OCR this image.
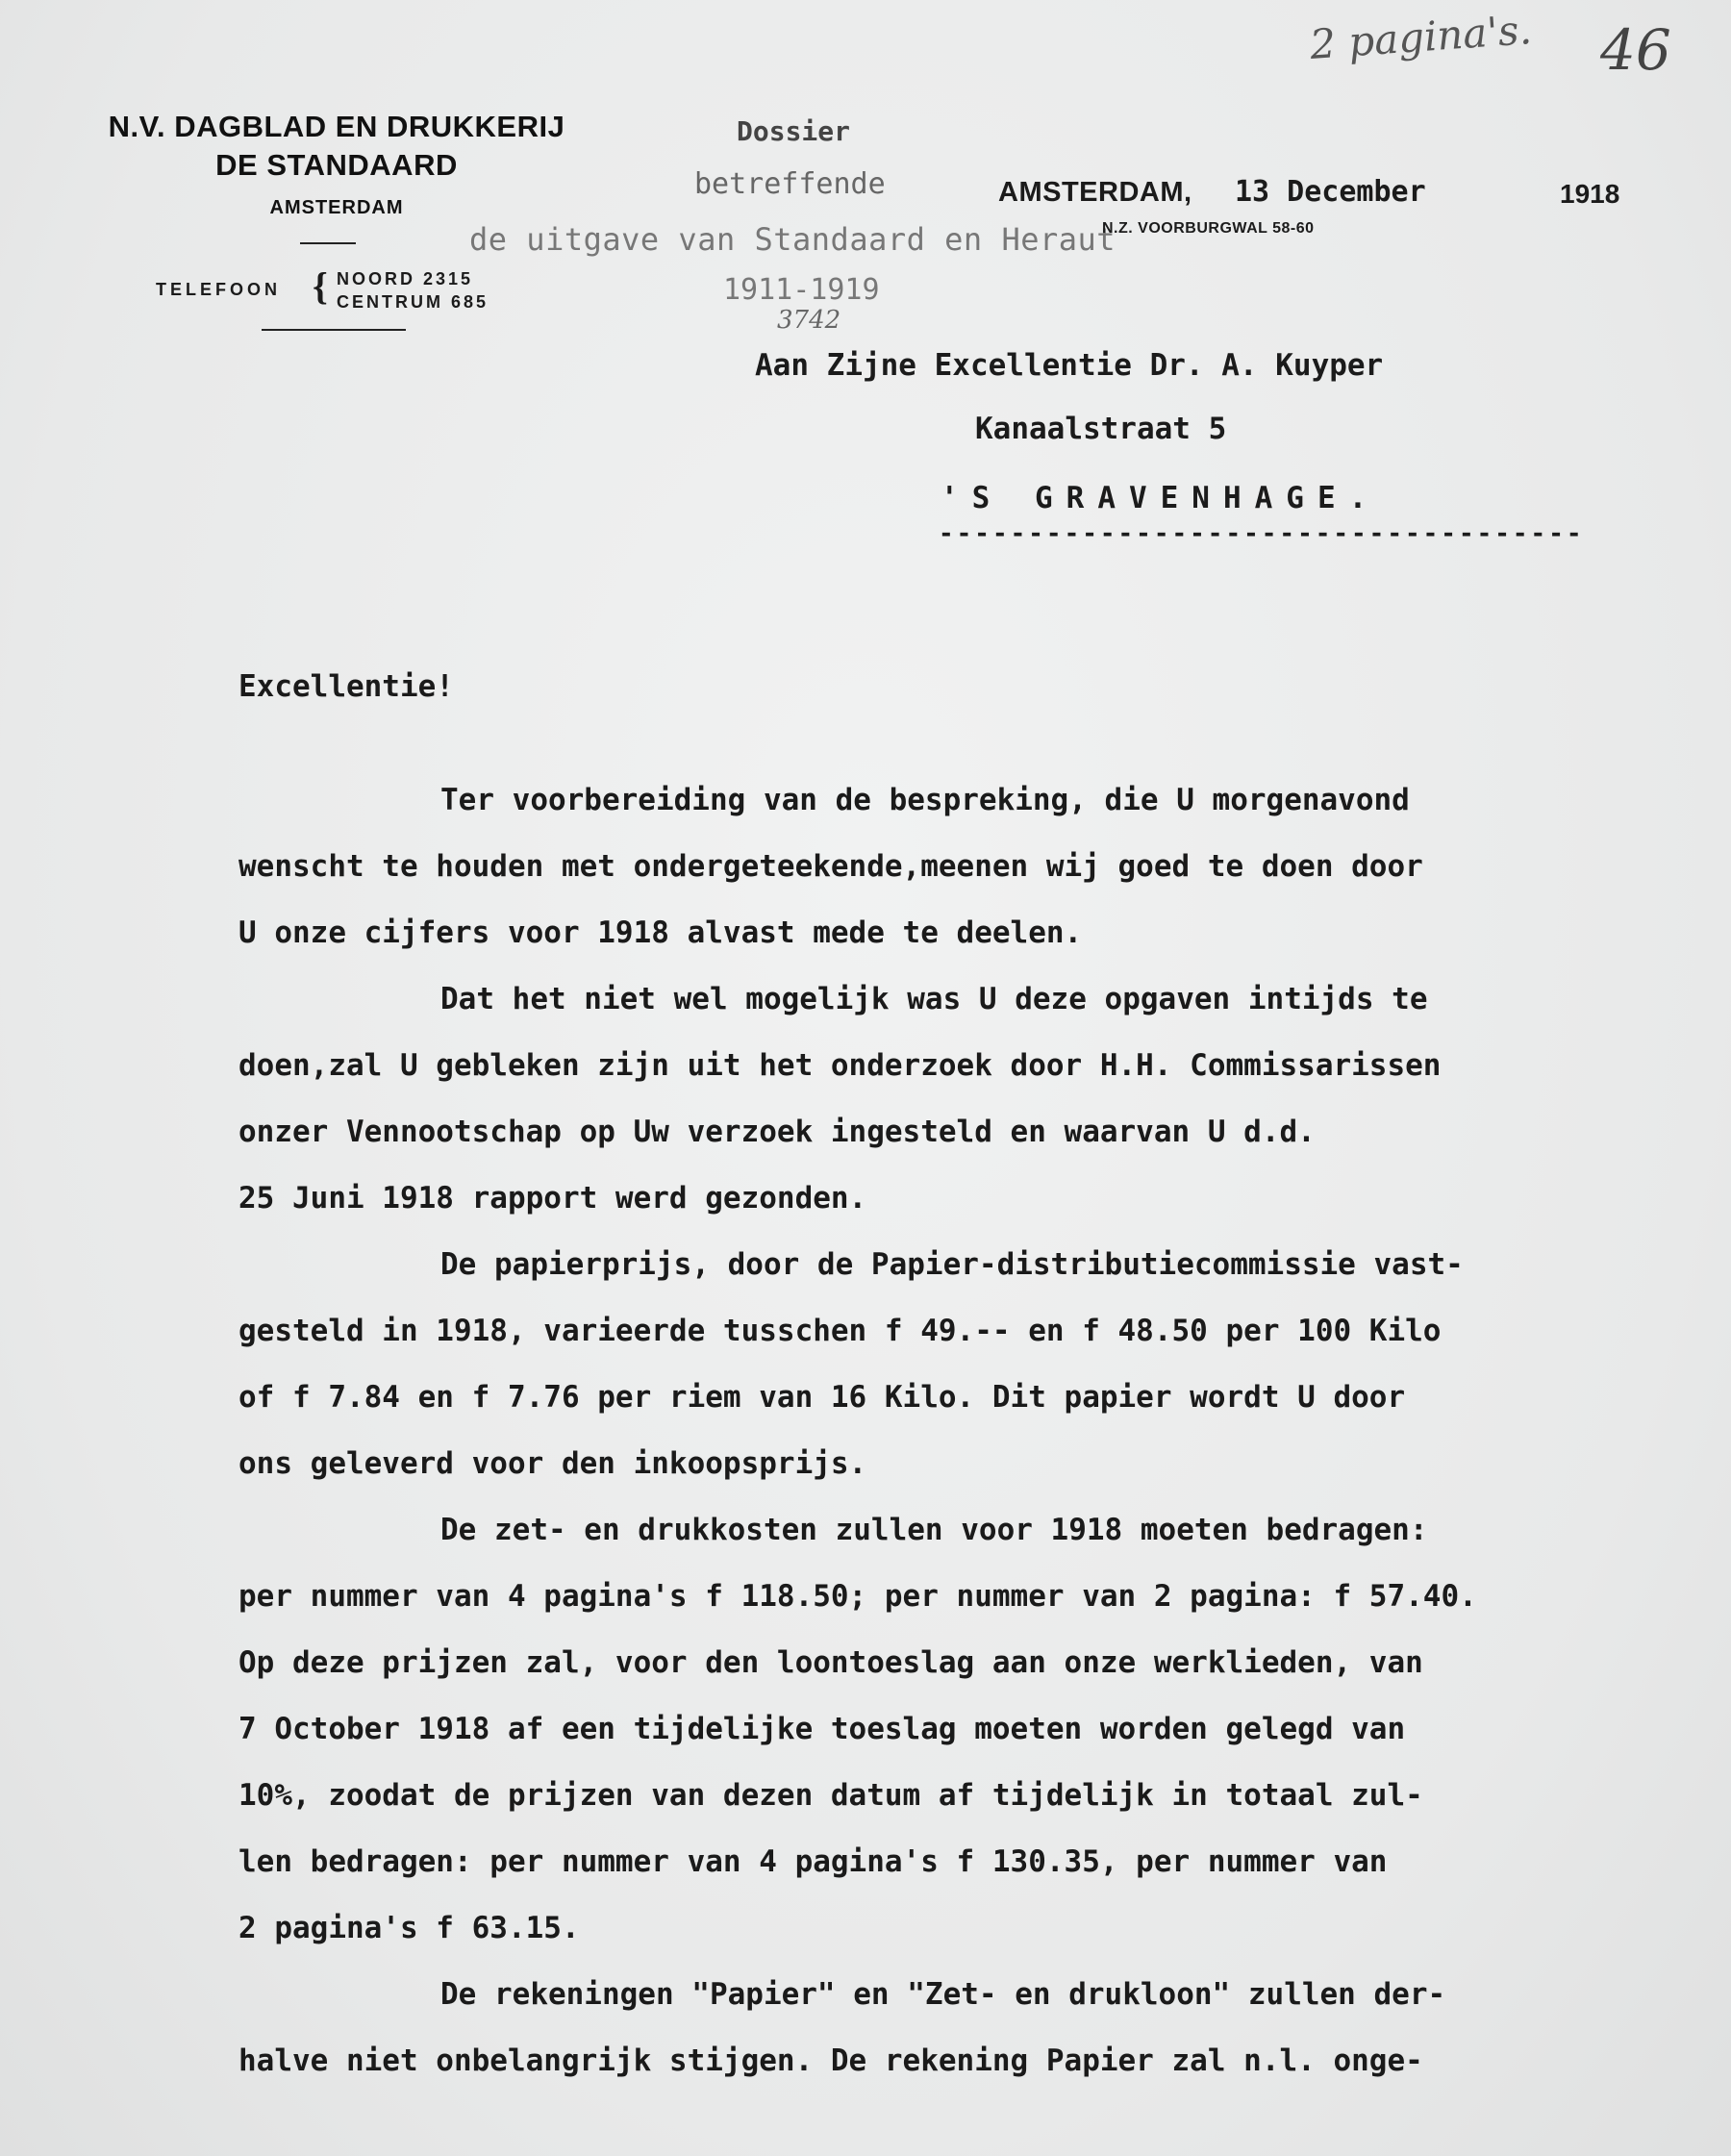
2 pagina's. 46
N.V. DAGBLAD EN DRUKKERIJ
DE STANDAARD
AMSTERDAM
TELEFOON { NOORD 2315
CENTRUM 685
Dossier
betreffende
de uitgave van Standaard en Heraut
1911-1919
3742
AMSTERDAM, 13 December	1918
N.Z. VOORBURGWAL 58-60
Aan Zijne Excellentie Dr. A. Kuyper
Kanaalstraat 5
'S GRAVENHAGE.
------------------------------------
Excellentie!

Ter voorbereiding van de bespreking, die U morgenavond
wenscht te houden met ondergeteekende,meenen wij goed te doen door
U onze cijfers voor 1918 alvast mede te deelen.

Dat het niet wel mogelijk was U deze opgaven intijds te
doen,zal U gebleken zijn uit het onderzoek door H.H. Commissarissen
onzer Vennootschap op Uw verzoek ingesteld en waarvan U d.d.
25 Juni 1918 rapport werd gezonden.

De papierprijs, door de Papier-distributiecommissie vast-
gesteld in 1918, varieerde tusschen f 49.-- en f 48.50 per 100 Kilo
of f 7.84 en f 7.76 per riem van 16 Kilo. Dit papier wordt U door
ons geleverd voor den inkoopsprijs.

De zet- en drukkosten zullen voor 1918 moeten bedragen:
per nummer van 4 pagina's f 118.50; per nummer van 2 pagina: f 57.40.
Op deze prijzen zal, voor den loontoeslag aan onze werklieden, van
7 October 1918 af een tijdelijke toeslag moeten worden gelegd van
10%, zoodat de prijzen van dezen datum af tijdelijk in totaal zul-
len bedragen: per nummer van 4 pagina's f 130.35, per nummer van
2 pagina's f 63.15.

De rekeningen "Papier" en "Zet- en drukloon" zullen der-
halve niet onbelangrijk stijgen. De rekening Papier zal n.l. onge-
